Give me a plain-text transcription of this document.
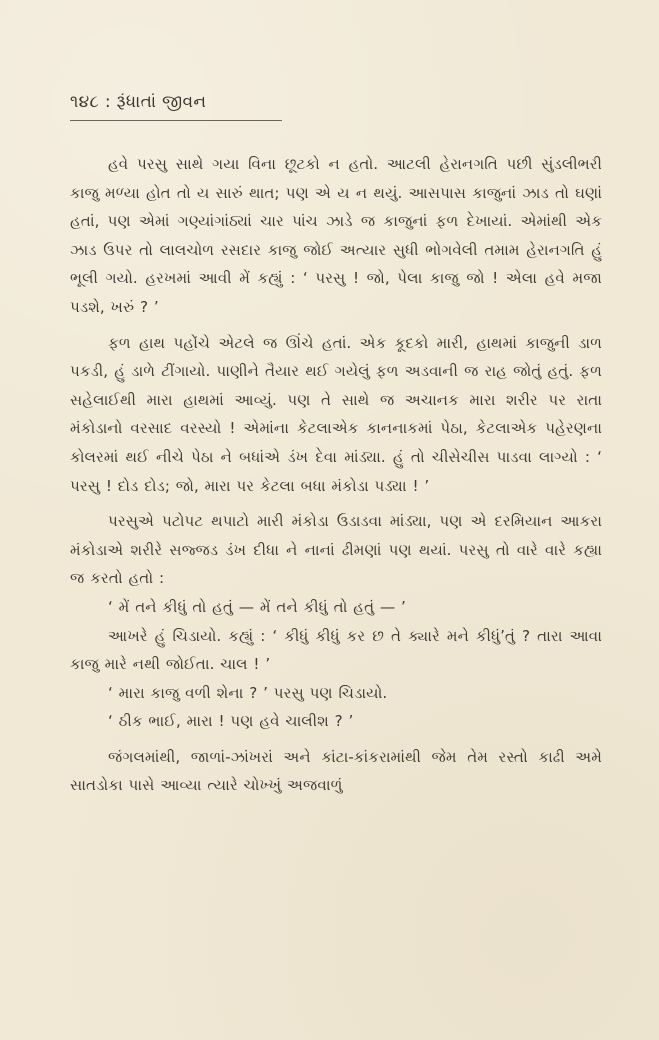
૧૪૮ : રૂંધાતાં જીવન

હવે પરસુ સાથે ગયા વિના છૂટકો ન હતો. આટલી હેરાનગતિ પછી સુંડલીભરી કાજુ મળ્યા હોત તો ય સારું થાત; પણ એ ય ન થયું. આસપાસ કાજુનાં ઝાડ તો ઘણાં હતાં, પણ એમાં ગણ્યાંગાંઠ્યાં ચાર પાંચ ઝાડે જ કાજુનાં ફળ દેખાયાં. એમાંથી એક ઝાડ ઉપર તો લાલચોળ રસદાર કાજુ જોઈ અત્યાર સુધી ભોગવેલી તમામ હેરાનગતિ હું ભૂલી ગયો. હરખમાં આવી મેં કહ્યું : ‘ પરસુ ! જો, પેલા કાજુ જો ! એલા હવે મજા પડશે, ખરું ? ’

ફળ હાથ પહોંચે એટલે જ ઊંચે હતાં. એક કૂદકો મારી, હાથમાં કાજુની ડાળ પકડી, હું ડાળે ટીંગાયો. પાણીને તૈયાર થઈ ગયેલું ફળ અડવાની જ રાહ જોતું હતું. ફળ સહેલાઈથી મારા હાથમાં આવ્યું. પણ તે સાથે જ અચાનક મારા શરીર પર રાતા મંકોડાનો વરસાદ વરસ્યો ! એમાંના કેટલાએક કાનનાકમાં પેઠા, કેટલાએક પહેરણના કોલરમાં થઈ નીચે પેઠા ને બધાંએ ડંખ દેવા માંડ્યા. હું તો ચીસેચીસ પાડવા લાગ્યો : ‘ પરસુ ! દોડ દોડ; જો, મારા પર કેટલા બધા મંકોડા પડ્યા ! ’

પરસુએ પટોપટ થપાટો મારી મંકોડા ઉડાડવા માંડ્યા, પણ એ દરમિયાન આકરા મંકોડાએ શરીરે સજ્જડ ડંખ દીધા ને નાનાં ઢીમણાં પણ થયાં. પરસુ તો વારે વારે કહ્યા જ કરતો હતો :

‘ મેં તને કીધું તો હતું — મેં તને કીધું તો હતું — ’

આખરે હું ચિડાયો. કહ્યું : ‘ કીધું કીધું કર છ તે ક્યારે મને કીધું’તું ? તારા આવા કાજુ મારે નથી જોઈતા. ચાલ ! ’

‘ મારા કાજુ વળી શેના ? ’ પરસુ પણ ચિડાયો.

‘ ઠીક ભાઈ, મારા ! પણ હવે ચાલીશ ? ’

જંગલમાંથી, જાળાં-ઝાંખરાં અને કાંટા-કાંકરામાંથી જેમ તેમ રસ્તો કાઢી અમે સાતડોકા પાસે આવ્યા ત્યારે ચોખ્ખું અજવાળું
